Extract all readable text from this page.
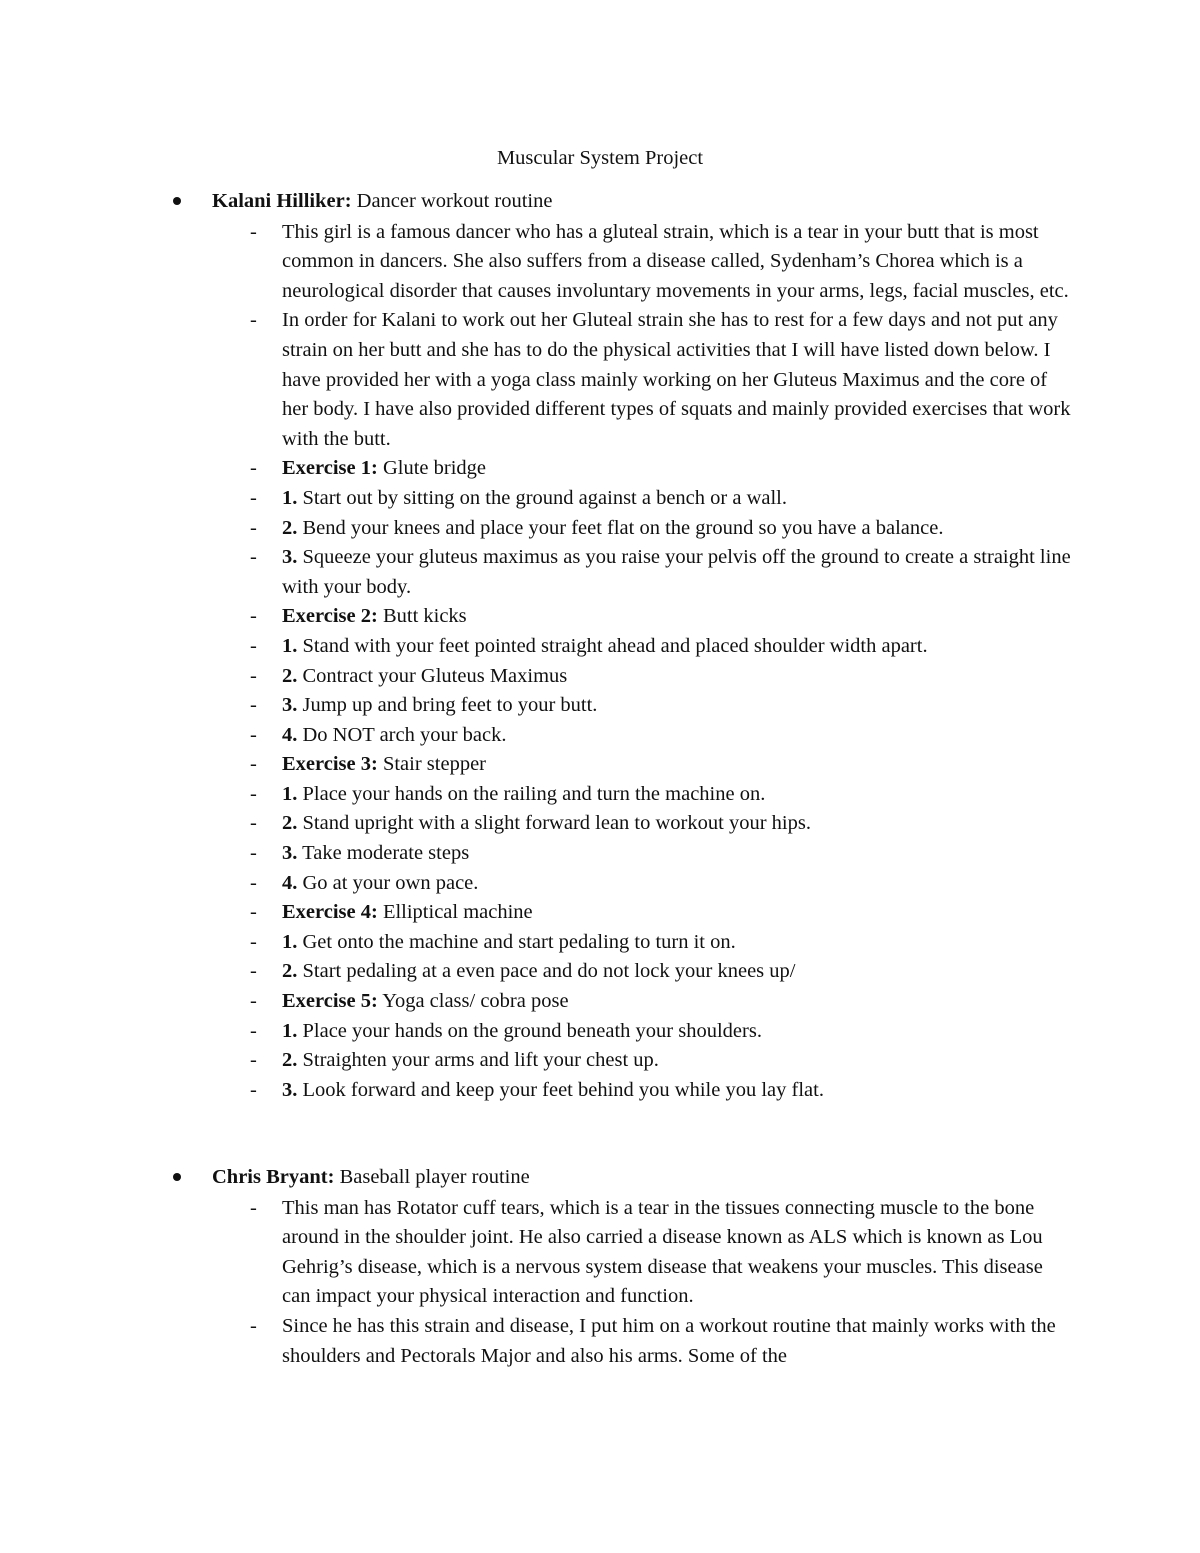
Muscular System Project
Kalani Hilliker: Dancer workout routine
- This girl is a famous dancer who has a gluteal strain, which is a tear in your butt that is most common in dancers. She also suffers from a disease called, Sydenham’s Chorea which is a neurological disorder that causes involuntary movements in your arms, legs, facial muscles, etc.
- In order for Kalani to work out her Gluteal strain she has to rest for a few days and not put any strain on her butt and she has to do the physical activities that I will have listed down below. I have provided her with a yoga class mainly working on her Gluteus Maximus and the core of her body. I have also provided different types of squats and mainly provided exercises that work with the butt.
- Exercise 1: Glute bridge
- 1. Start out by sitting on the ground against a bench or a wall.
- 2. Bend your knees and place your feet flat on the ground so you have a balance.
- 3. Squeeze your gluteus maximus as you raise your pelvis off the ground to create a straight line with your body.
- Exercise 2: Butt kicks
- 1. Stand with your feet pointed straight ahead and placed shoulder width apart.
- 2. Contract your Gluteus Maximus
- 3. Jump up and bring feet to your butt.
- 4. Do NOT arch your back.
- Exercise 3: Stair stepper
- 1. Place your hands on the railing and turn the machine on.
- 2. Stand upright with a slight forward lean to workout your hips.
- 3. Take moderate steps
- 4. Go at your own pace.
- Exercise 4: Elliptical machine
- 1. Get onto the machine and start pedaling to turn it on.
- 2. Start pedaling at a even pace and do not lock your knees up/
- Exercise 5: Yoga class/ cobra pose
- 1. Place your hands on the ground beneath your shoulders.
- 2. Straighten your arms and lift your chest up.
- 3. Look forward and keep your feet behind you while you lay flat.
Chris Bryant: Baseball player routine
- This man has Rotator cuff tears, which is a tear in the tissues connecting muscle to the bone around in the shoulder joint. He also carried a disease known as ALS which is known as Lou Gehrig’s disease, which is a nervous system disease that weakens your muscles. This disease can impact your physical interaction and function.
- Since he has this strain and disease, I put him on a workout routine that mainly works with the shoulders and Pectorals Major and also his arms. Some of the
